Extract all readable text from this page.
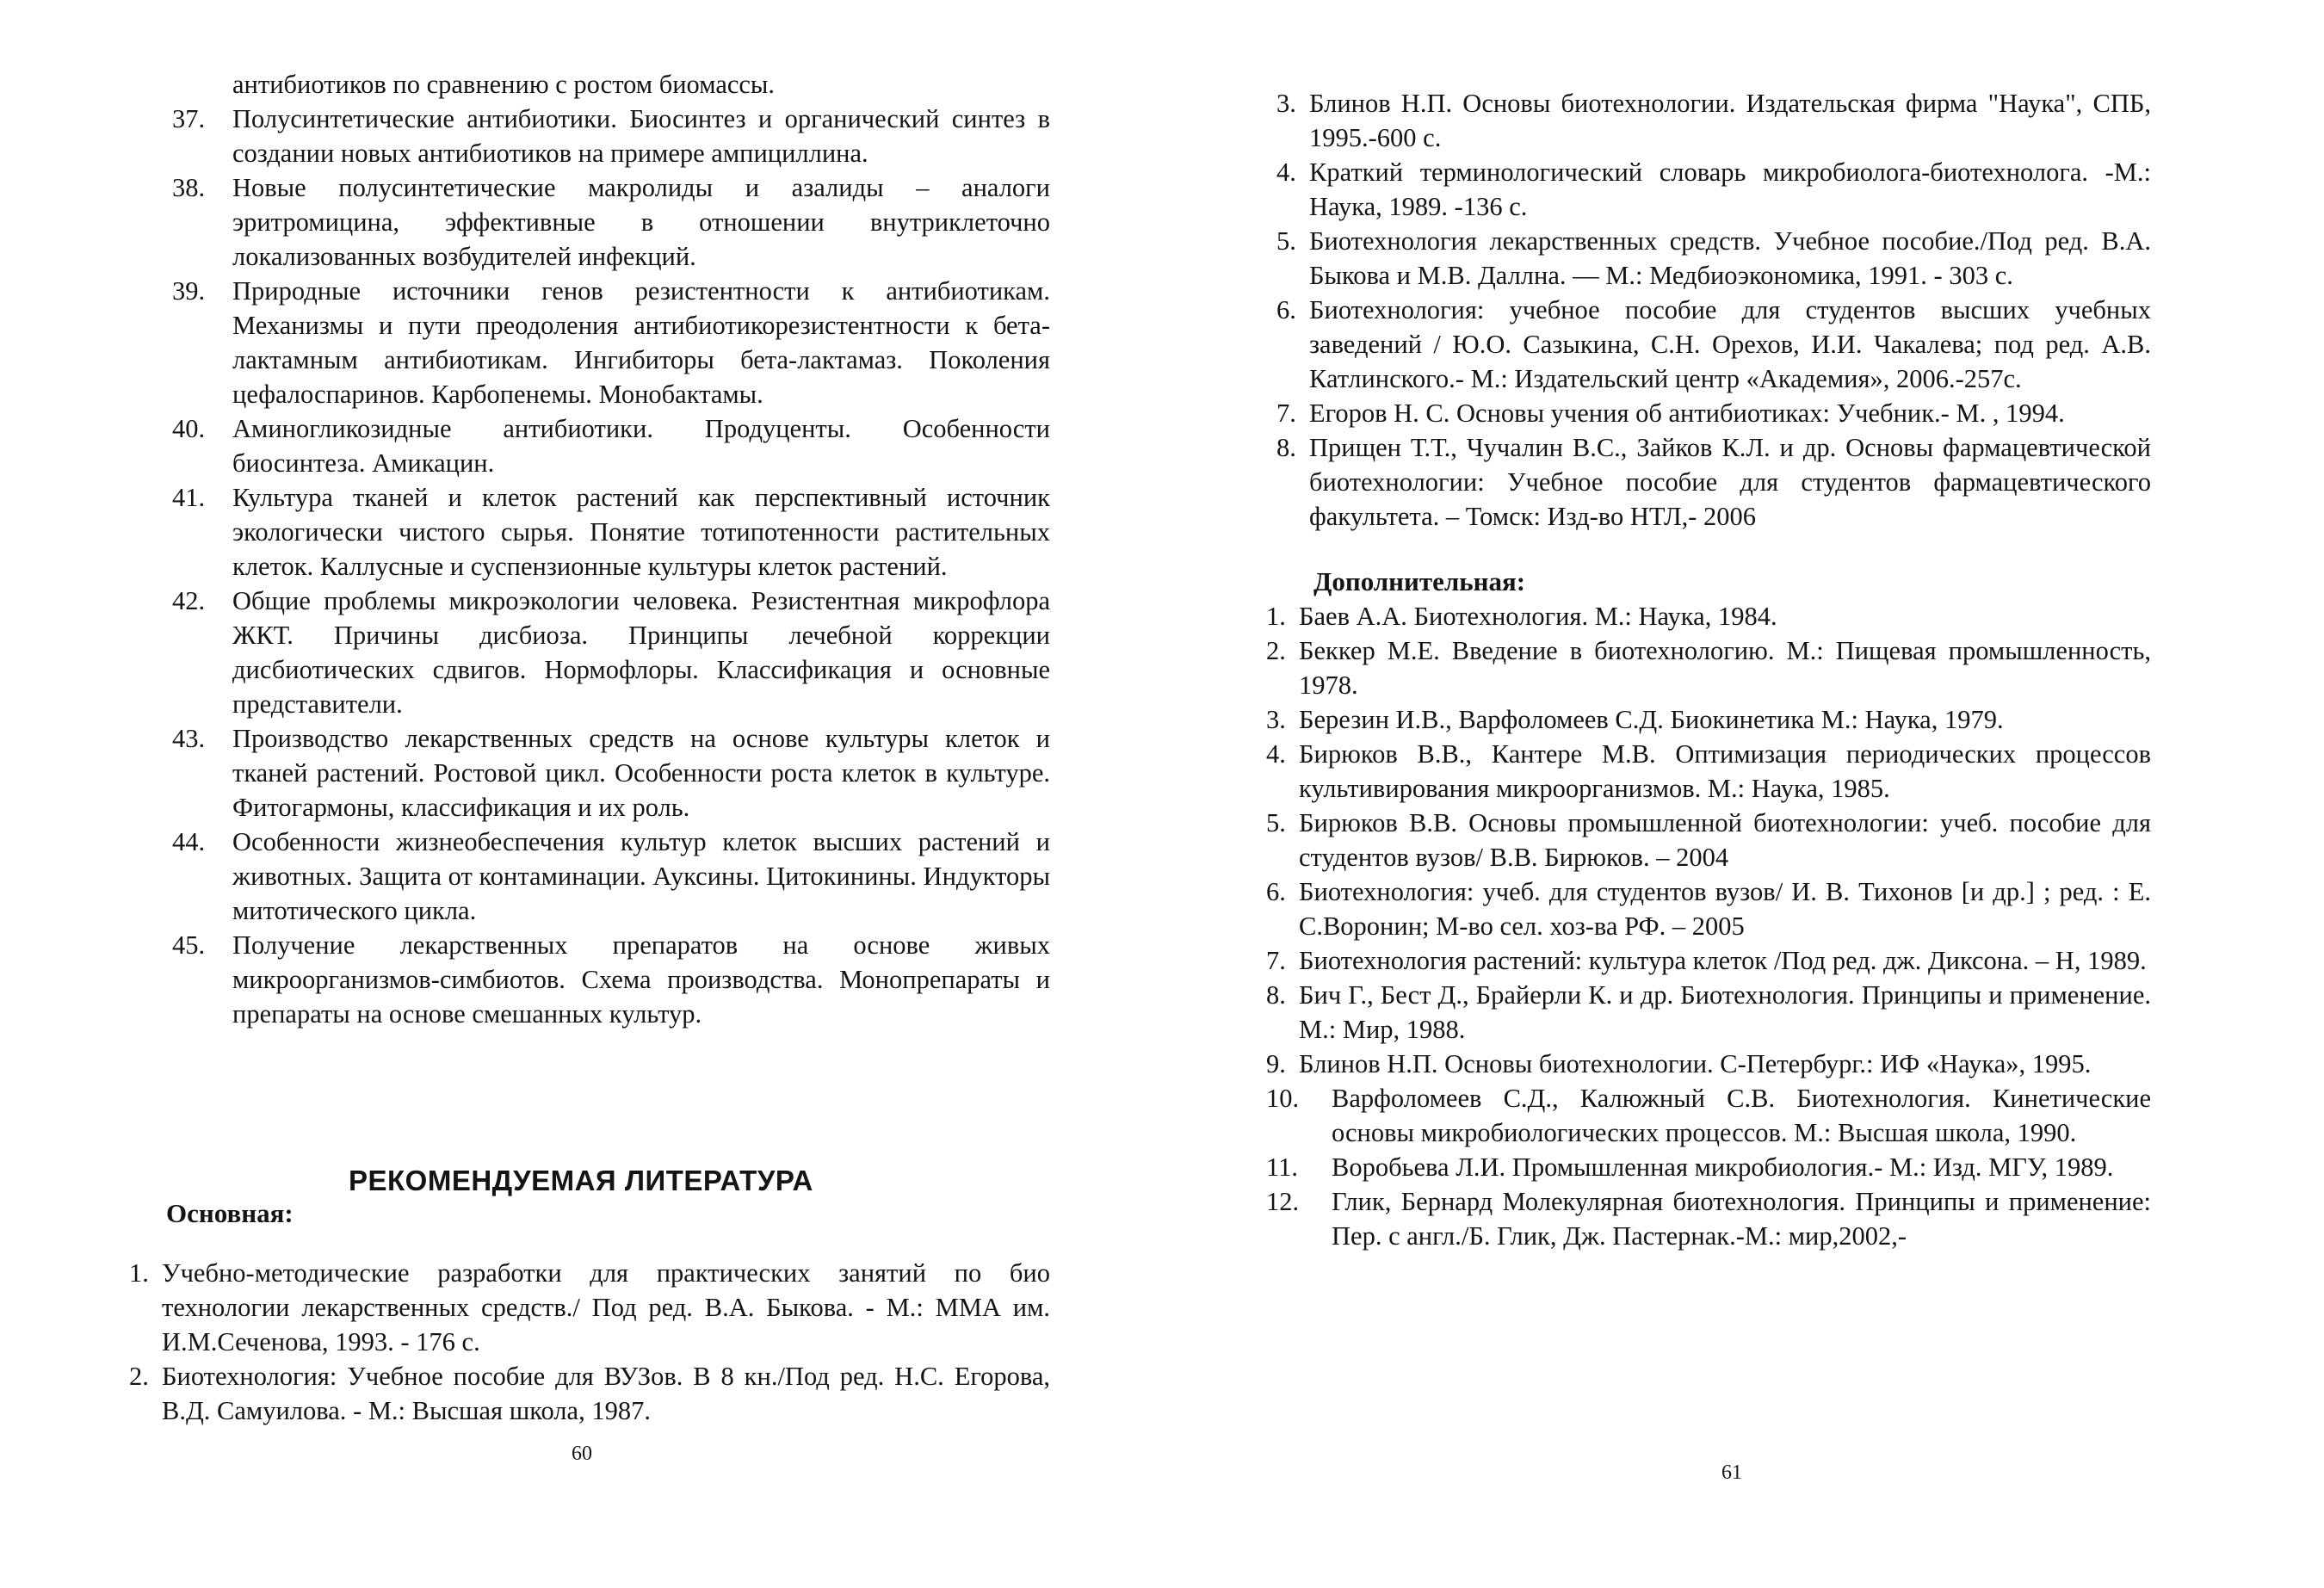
антибиотиков по сравнению с ростом биомассы.
37.	Полусинтетические антибиотики. Биосинтез и органический синтез в создании новых антибиотиков на примере ампициллина.
38.	Новые полусинтетические макролиды и азалиды – аналоги эритромицина, эффективные в отношении внутриклеточно локализованных возбудителей инфекций.
39.	Природные источники генов резистентности к антибиотикам. Механизмы и пути преодоления антибиотикорезистентности к бета-лактамным антибиотикам. Ингибиторы бета-лактамаз. Поколения цефалоспаринов. Карбопенемы. Монобактамы.
40.	Аминогликозидные антибиотики. Продуценты. Особенности биосинтеза. Амикацин.
41.	Культура тканей и клеток растений как перспективный источник экологически чистого сырья. Понятие тотипотенности растительных клеток. Каллусные и суспензионные культуры клеток растений.
42.	Общие проблемы микроэкологии человека. Резистентная микрофлора ЖКТ. Причины дисбиоза. Принципы лечебной коррекции дисбиотических сдвигов. Нормофлоры. Классификация и основные представители.
43.	Производство лекарственных средств на основе культуры клеток и тканей растений. Ростовой цикл. Особенности роста клеток в культуре. Фитогармоны, классификация и их роль.
44.	Особенности жизнеобеспечения культур клеток высших растений и животных. Защита от контаминации. Ауксины. Цитокинины. Индукторы митотического цикла.
45.	Получение лекарственных препаратов на основе живых микроорганизмов-симбиотов. Схема производства. Монопрепараты и препараты на основе смешанных культур.
РЕКОМЕНДУЕМАЯ ЛИТЕРАТУРА
Основная:
1. Учебно-методические разработки для практических занятий по био технологии лекарственных средств./ Под ред. В.А. Быкова. - М.: ММА им. И.М.Сеченова, 1993. - 176 с.
2. Биотехнология: Учебное пособие для ВУЗов. В 8 кн./Под ред. Н.С. Егорова, В.Д. Самуилова. - М.: Высшая школа, 1987.
60
3. Блинов Н.П. Основы биотехнологии. Издательская фирма "Наука", СПБ, 1995.-600 с.
4. Краткий терминологический словарь микробиолога-биотехнолога. -М.: Наука, 1989. -136 с.
5. Биотехнология лекарственных средств. Учебное пособие./Под ред. В.А. Быкова и М.В. Даллна. — М.: Медбиоэкономика, 1991. - 303 с.
6. Биотехнология: учебное пособие для студентов высших учебных заведений / Ю.О. Сазыкина, С.Н. Орехов, И.И. Чакалева; под ред. А.В. Катлинского.- М.: Издательский центр «Академия», 2006.-257с.
7. Егоров Н. С. Основы учения об антибиотиках: Учебник.- М. , 1994.
8. Прищен Т.Т., Чучалин В.С., Зайков К.Л. и др. Основы фармацевтической биотехнологии: Учебное пособие для студентов фармацевтического факультета. – Томск: Изд-во НТЛ,- 2006
Дополнительная:
1. Баев А.А. Биотехнология. М.: Наука, 1984.
2. Беккер М.Е. Введение в биотехнологию. М.: Пищевая промышленность, 1978.
3. Березин И.В., Варфоломеев С.Д. Биокинетика М.: Наука, 1979.
4. Бирюков В.В., Кантере М.В. Оптимизация периодических процессов культивирования микроорганизмов. М.: Наука, 1985.
5. Бирюков В.В. Основы промышленной биотехнологии: учеб. пособие для студентов вузов/ В.В. Бирюков. – 2004
6. Биотехнология: учеб. для студентов вузов/ И. В. Тихонов [и др.] ; ред. : Е. С.Воронин; М-во сел. хоз-ва РФ. – 2005
7. Биотехнология растений: культура клеток /Под ред. дж. Диксона. – Н, 1989.
8. Бич Г., Бест Д., Брайерли К. и др. Биотехнология. Принципы и применение. М.: Мир, 1988.
9. Блинов Н.П. Основы биотехнологии. С-Петербург.: ИФ «Наука», 1995.
10.	Варфоломеев С.Д., Калюжный С.В. Биотехнология. Кинетические основы микробиологических процессов. М.: Высшая школа, 1990.
11.	Воробьева Л.И. Промышленная микробиология.- М.: Изд. МГУ, 1989.
12.	Глик, Бернард Молекулярная биотехнология. Принципы и применение: Пер. с англ./Б. Глик, Дж. Пастернак.-М.: мир,2002,-
61
